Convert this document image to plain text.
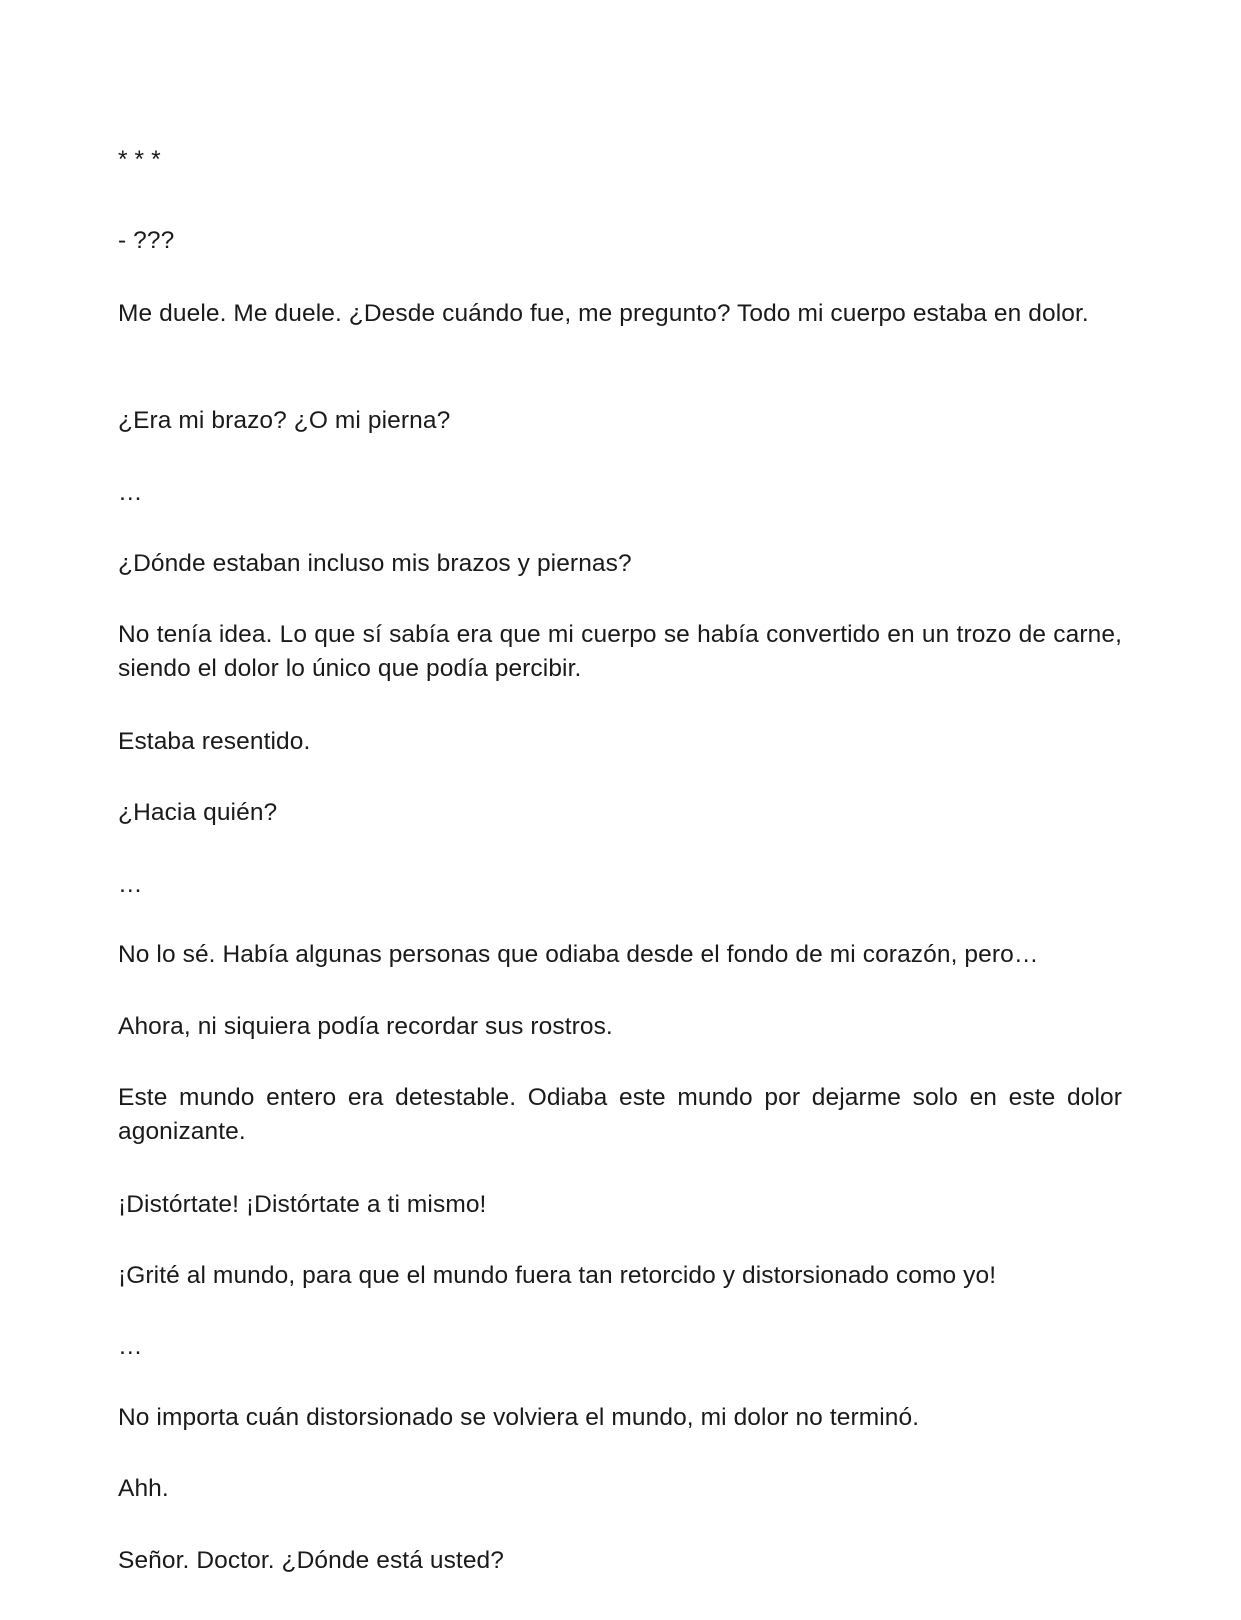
* * *

- ???

Me duele. Me duele. ¿Desde cuándo fue, me pregunto? Todo mi cuerpo estaba en dolor.

¿Era mi brazo? ¿O mi pierna?

…

¿Dónde estaban incluso mis brazos y piernas?

No tenía idea. Lo que sí sabía era que mi cuerpo se había convertido en un trozo de carne, siendo el dolor lo único que podía percibir.

Estaba resentido.

¿Hacia quién?

…

No lo sé. Había algunas personas que odiaba desde el fondo de mi corazón, pero…

Ahora, ni siquiera podía recordar sus rostros.

Este mundo entero era detestable. Odiaba este mundo por dejarme solo en este dolor agonizante.

¡Distórtate! ¡Distórtate a ti mismo!

¡Grité al mundo, para que el mundo fuera tan retorcido y distorsionado como yo!

…

No importa cuán distorsionado se volviera el mundo, mi dolor no terminó.

Ahh.

Señor. Doctor. ¿Dónde está usted?
